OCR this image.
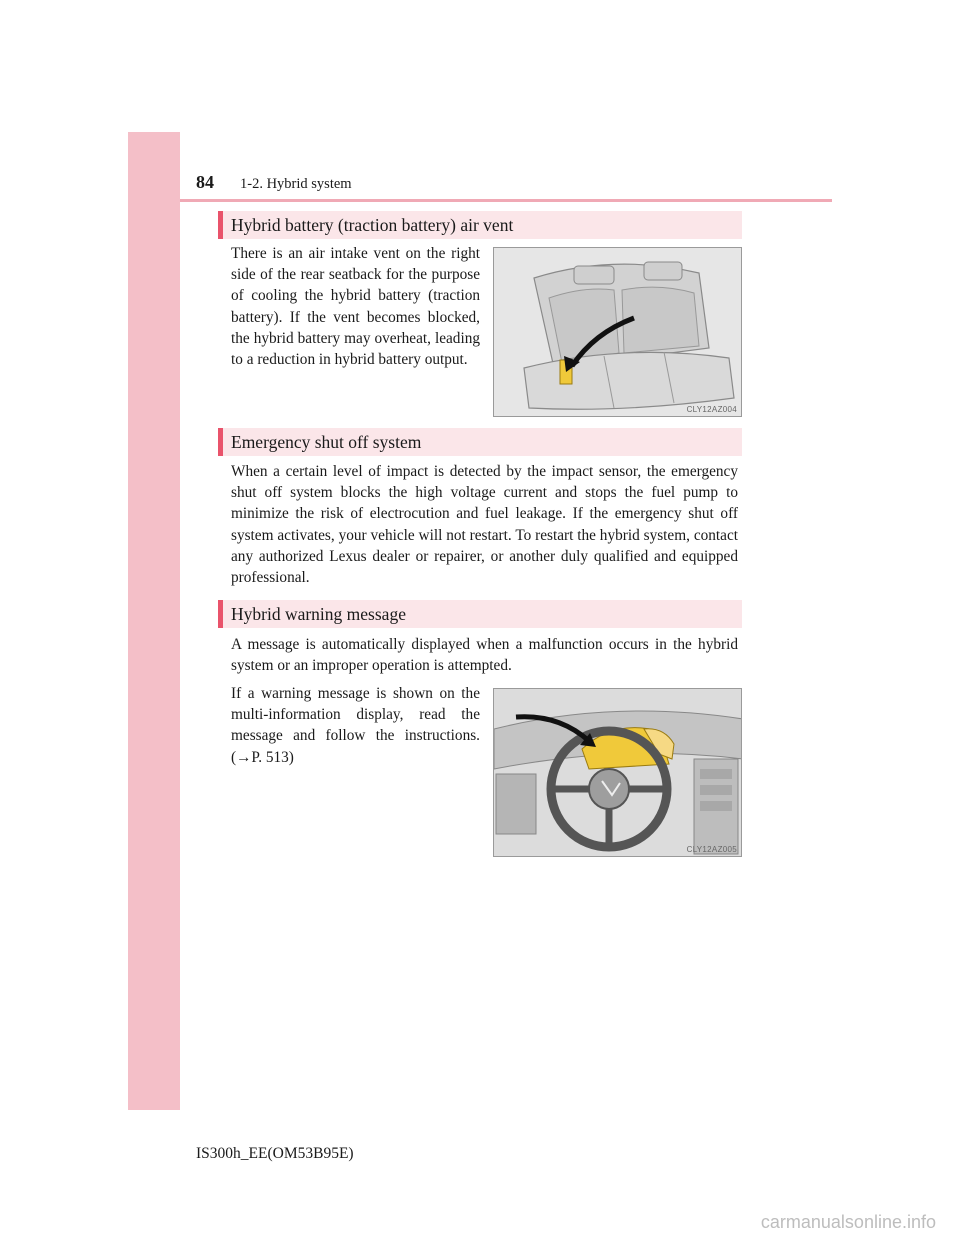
84 1-2. Hybrid system
Hybrid battery (traction battery) air vent

There is an air intake vent on the right side of the rear seatback for the purpose of cooling the hybrid battery (traction battery). If the vent becomes blocked, the hybrid battery may overheat, leading to a reduction in hybrid battery output.

CLY12AZ004
Emergency shut off system

When a certain level of impact is detected by the impact sensor, the emergency shut off system blocks the high voltage current and stops the fuel pump to minimize the risk of electrocution and fuel leakage. If the emergency shut off system activates, your vehicle will not restart. To restart the hybrid system, contact any authorized Lexus dealer or repairer, or another duly qualified and equipped professional.

Hybrid warning message

A message is automatically displayed when a malfunction occurs in the hybrid system or an improper operation is attempted.

If a warning message is shown on the multi-information display, read the message and follow the instructions. (→P. 513)

CLY12AZ005
IS300h_EE(OM53B95E)
carmanualsonline.info
